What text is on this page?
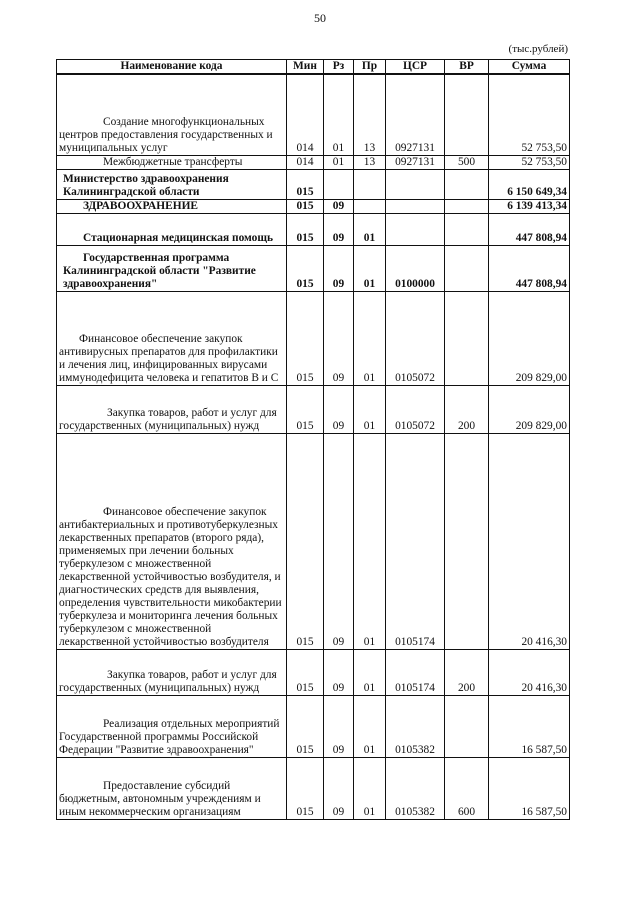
50
(тыс.рублей)
Наименование кода	Мин	Рз	Пр	ЦСР	ВР	Сумма
Создание многофункциональных центров предоставления государственных и муниципальных услуг	014	01	13	0927131		52 753,50
Межбюджетные трансферты	014	01	13	0927131	500	52 753,50
Министерство здравоохранения Калининградской области	015					6 150 649,34
ЗДРАВООХРАНЕНИЕ	015	09				6 139 413,34
Стационарная медицинская помощь	015	09	01			447 808,94
Государственная программа Калининградской области "Развитие здравоохранения"	015	09	01	0100000		447 808,94
Финансовое обеспечение закупок антивирусных препаратов для профилактики и лечения лиц, инфицированных вирусами иммунодефицита человека и гепатитов В и С	015	09	01	0105072		209 829,00
Закупка товаров, работ и услуг для государственных (муниципальных) нужд	015	09	01	0105072	200	209 829,00
Финансовое обеспечение закупок антибактериальных и противотуберкулезных лекарственных препаратов (второго ряда), применяемых при лечении больных туберкулезом с множественной лекарственной устойчивостью возбудителя, и диагностических средств для выявления, определения чувствительности микобактерии туберкулеза и мониторинга лечения больных туберкулезом с множественной лекарственной устойчивостью возбудителя	015	09	01	0105174		20 416,30
Закупка товаров, работ и услуг для государственных (муниципальных) нужд	015	09	01	0105174	200	20 416,30
Реализация отдельных мероприятий Государственной программы Российской Федерации "Развитие здравоохранения"	015	09	01	0105382		16 587,50
Предоставление субсидий бюджетным, автономным учреждениям и иным некоммерческим организациям	015	09	01	0105382	600	16 587,50
